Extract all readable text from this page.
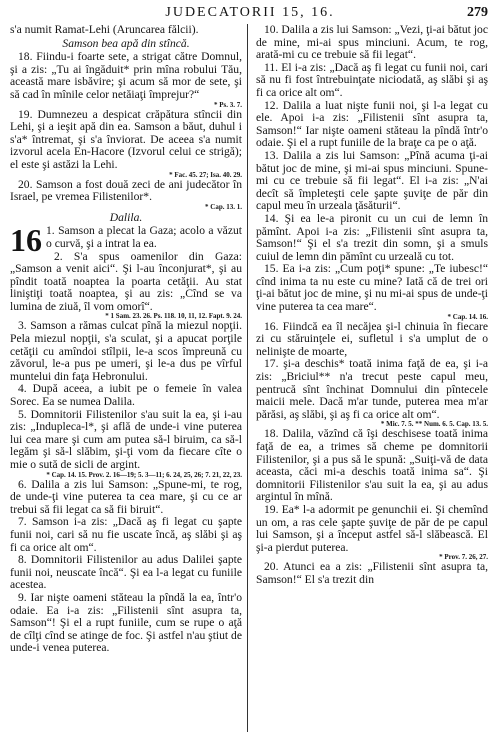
JUDECATORII 15, 16.	279

s'a numit Ramat-Lehi (Aruncarea fălcii).

Samson bea apă din stîncă.

18. Fiindu-i foarte sete, a strigat către Domnul, şi a zis: „Tu ai îngăduit* prin mîna robului Tău, această mare isbăvire; şi acum să mor de sete, şi să cad în mînile celor netăiaţi împrejur?“

* Ps. 3. 7.

19. Dumnezeu a despicat crăpătura stîncii din Lehi, şi a ieşit apă din ea. Samson a băut, duhul i s'a* întremat, şi s'a înviorat. De aceea s'a numit izvorul acela En-Hacore (Izvorul celui ce strigă); el este şi astăzi la Lehi.

* Fac. 45. 27; Isa. 40. 29.

20. Samson a fost două zeci de ani judecător în Israel, pe vremea Filistenilor*.

* Cap. 13. 1.

Dalila.

16 1. Samson a plecat la Gaza; acolo a văzut o curvă, şi a intrat la ea.

2. S'a spus oamenilor din Gaza: „Samson a venit aici“. Şi l-au înconjurat*, şi au pîndit toată noaptea la poarta cetăţii. Au stat liniştiţi toată noaptea, şi au zis: „Cînd se va lumina de ziuă, îl vom omorî“.

* 1 Sam. 23. 26. Ps. 118. 10, 11, 12. Fapt. 9. 24.

3. Samson a rămas culcat pînă la miezul nopţii. Pela miezul nopţii, s'a sculat, şi a apucat porţile cetăţii cu amîndoi stîlpii, le-a scos împreună cu zăvorul, le-a pus pe umeri, şi le-a dus pe vîrful muntelui din faţa Hebronului.

4. După aceea, a iubit pe o femeie în valea Sorec. Ea se numea Dalila.

5. Domnitorii Filistenilor s'au suit la ea, şi i-au zis: „Indupleca-l*, şi află de unde-i vine puterea lui cea mare şi cum am putea să-l biruim, ca să-l legăm şi să-l slăbim, şi-ţi vom da fiecare cîte o mie o sută de sicli de argint.

* Cap. 14. 15. Prov. 2. 16—19; 5. 3—11; 6. 24, 25, 26; 7. 21, 22, 23.

6. Dalila a zis lui Samson: „Spune-mi, te rog, de unde-ţi vine puterea ta cea mare, şi cu ce ar trebui să fii legat ca să fii biruit“.

7. Samson i-a zis: „Dacă aş fi legat cu şapte funii noi, cari să nu fie uscate încă, aş slăbi şi aş fi ca orice alt om“.

8. Domnitorii Filistenilor au adus Dalilei şapte funii noi, neuscate încă“. Şi ea l-a legat cu funiile acestea.

9. Iar nişte oameni stăteau la pîndă la ea, într'o odaie. Ea i-a zis: „Filistenii sînt asupra ta, Samson“! Şi el a rupt funiile, cum se rupe o aţă de cîlţi cînd se atinge de foc. Şi astfel n'au ştiut de unde-i venea puterea.

10. Dalila a zis lui Samson: „Vezi, ţi-ai bătut joc de mine, mi-ai spus minciuni. Acum, te rog, arată-mi cu ce trebuie să fii legat“.

11. El i-a zis: „Dacă aş fi legat cu funii noi, cari să nu fi fost întrebuinţate niciodată, aş slăbi şi aş fi ca orice alt om“.

12. Dalila a luat nişte funii noi, şi l-a legat cu ele. Apoi i-a zis: „Filistenii sînt asupra ta, Samson!“ Iar nişte oameni stăteau la pîndă într'o odaie. Şi el a rupt funiile de la braţe ca pe o aţă.

13. Dalila a zis lui Samson: „Pînă acuma ţi-ai bătut joc de mine, şi mi-ai spus minciuni. Spune-mi cu ce trebuie să fii legat“. El i-a zis: „N'ai decît să împleteşti cele şapte şuviţe de păr din capul meu în urzeala ţăsăturii“.

14. Şi ea le-a pironit cu un cui de lemn în pămînt. Apoi i-a zis: „Filistenii sînt asupra ta, Samson!“ Şi el s'a trezit din somn, şi a smuls cuiul de lemn din pămînt cu urzeală cu tot.

15. Ea i-a zis: „Cum poţi* spune: „Te iubesc!“ cînd inima ta nu este cu mine? Iată că de trei ori ţi-ai bătut joc de mine, şi nu mi-ai spus de unde-ţi vine puterea ta cea mare“.

* Cap. 14. 16.

16. Fiindcă ea îl necăjea şi-l chinuia în fiecare zi cu stăruinţele ei, sufletul i s'a umplut de o nelinişte de moarte,

17. şi-a deschis* toată inima faţă de ea, şi i-a zis: „Briciul** n'a trecut peste capul meu, pentrucă sînt închinat Domnului din pîntecele maicii mele. Dacă m'ar tunde, puterea mea m'ar părăsi, aş slăbi, şi aş fi ca orice alt om“.

* Mic. 7. 5. ** Num. 6. 5. Cap. 13. 5.

18. Dalila, văzînd că îşi deschisese toată inima faţă de ea, a trimes să cheme pe domnitorii Filistenilor, şi a pus să le spună: „Suiţi-vă de data aceasta, căci mi-a deschis toată inima sa“. Şi domnitorii Filistenilor s'au suit la ea, şi au adus argintul în mînă.

19. Ea* l-a adormit pe genunchii ei. Şi chemînd un om, a ras cele şapte şuviţe de păr de pe capul lui Samson, şi a început astfel să-l slăbească. El şi-a pierdut puterea.

* Prov. 7. 26, 27.

20. Atunci ea a zis: „Filistenii sînt asupra ta, Samson!“ El s'a trezit din
